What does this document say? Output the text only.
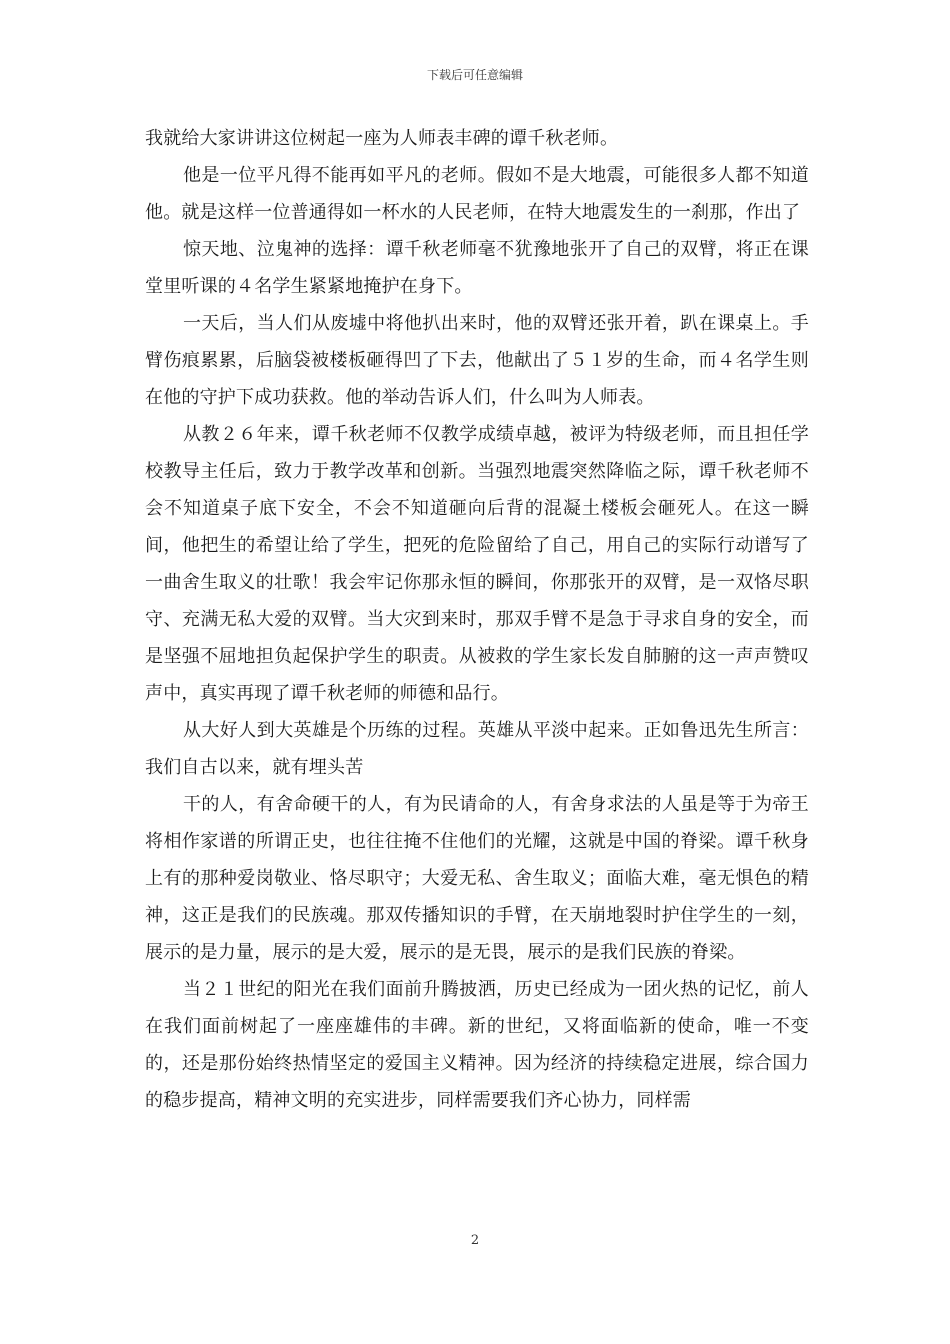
下载后可任意编辑

我就给大家讲讲这位树起一座为人师表丰碑的谭千秋老师。

他是一位平凡得不能再如平凡的老师。假如不是大地震，可能很多人都不知道他。就是这样一位普通得如一杯水的人民老师，在特大地震发生的一刹那，作出了

惊天地、泣鬼神的选择：谭千秋老师毫不犹豫地张开了自己的双臂，将正在课堂里听课的４名学生紧紧地掩护在身下。

一天后，当人们从废墟中将他扒出来时，他的双臂还张开着，趴在课桌上。手臂伤痕累累，后脑袋被楼板砸得凹了下去，他献出了５１岁的生命，而４名学生则在他的守护下成功获救。他的举动告诉人们，什么叫为人师表。

从教２６年来，谭千秋老师不仅教学成绩卓越，被评为特级老师，而且担任学校教导主任后，致力于教学改革和创新。当强烈地震突然降临之际，谭千秋老师不会不知道桌子底下安全，不会不知道砸向后背的混凝土楼板会砸死人。在这一瞬间，他把生的希望让给了学生，把死的危险留给了自己，用自己的实际行动谱写了一曲舍生取义的壮歌！我会牢记你那永恒的瞬间，你那张开的双臂，是一双恪尽职守、充满无私大爱的双臂。当大灾到来时，那双手臂不是急于寻求自身的安全，而是坚强不屈地担负起保护学生的职责。从被救的学生家长发自肺腑的这一声声赞叹声中，真实再现了谭千秋老师的师德和品行。

从大好人到大英雄是个历练的过程。英雄从平淡中起来。正如鲁迅先生所言：我们自古以来，就有埋头苦

干的人，有舍命硬干的人，有为民请命的人，有舍身求法的人虽是等于为帝王将相作家谱的所谓正史，也往往掩不住他们的光耀，这就是中国的脊梁。谭千秋身上有的那种爱岗敬业、恪尽职守；大爱无私、舍生取义；面临大难，毫无惧色的精神，这正是我们的民族魂。那双传播知识的手臂，在天崩地裂时护住学生的一刻，展示的是力量，展示的是大爱，展示的是无畏，展示的是我们民族的脊梁。

当２１世纪的阳光在我们面前升腾披洒，历史已经成为一团火热的记忆，前人在我们面前树起了一座座雄伟的丰碑。新的世纪，又将面临新的使命，唯一不变的，还是那份始终热情坚定的爱国主义精神。因为经济的持续稳定进展，综合国力的稳步提高，精神文明的充实进步，同样需要我们齐心协力，同样需

2
